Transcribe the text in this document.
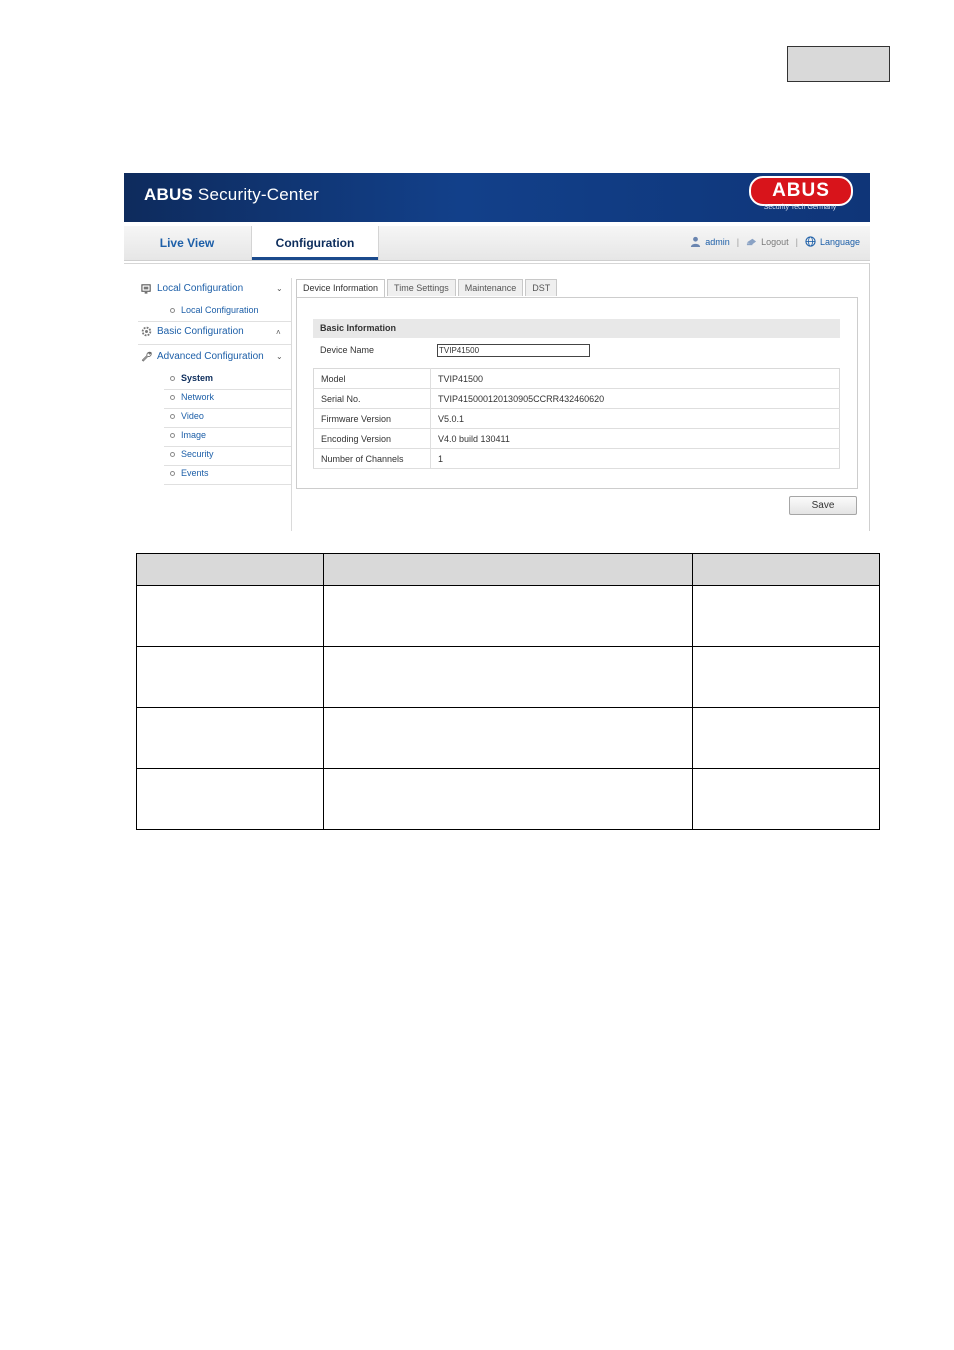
ABUS Security-Center	ABUS
Security Tech Germany
Live View	Configuration	admin | Logout | Language
Local Configuration	⌄
Local Configuration
Basic Configuration	˄
Advanced Configuration ⌄
System
Network
Video
Image
Security
Events
Device Information	Time Settings	Maintenance	DST
Basic Information
Device Name	TVIP41500
Model	TVIP41500
Serial No.	TVIP415000120130905CCRR432460620
Firmware Version	V5.0.1
Encoding Version	V4.0 build 130411
Number of Channels	1
Save
